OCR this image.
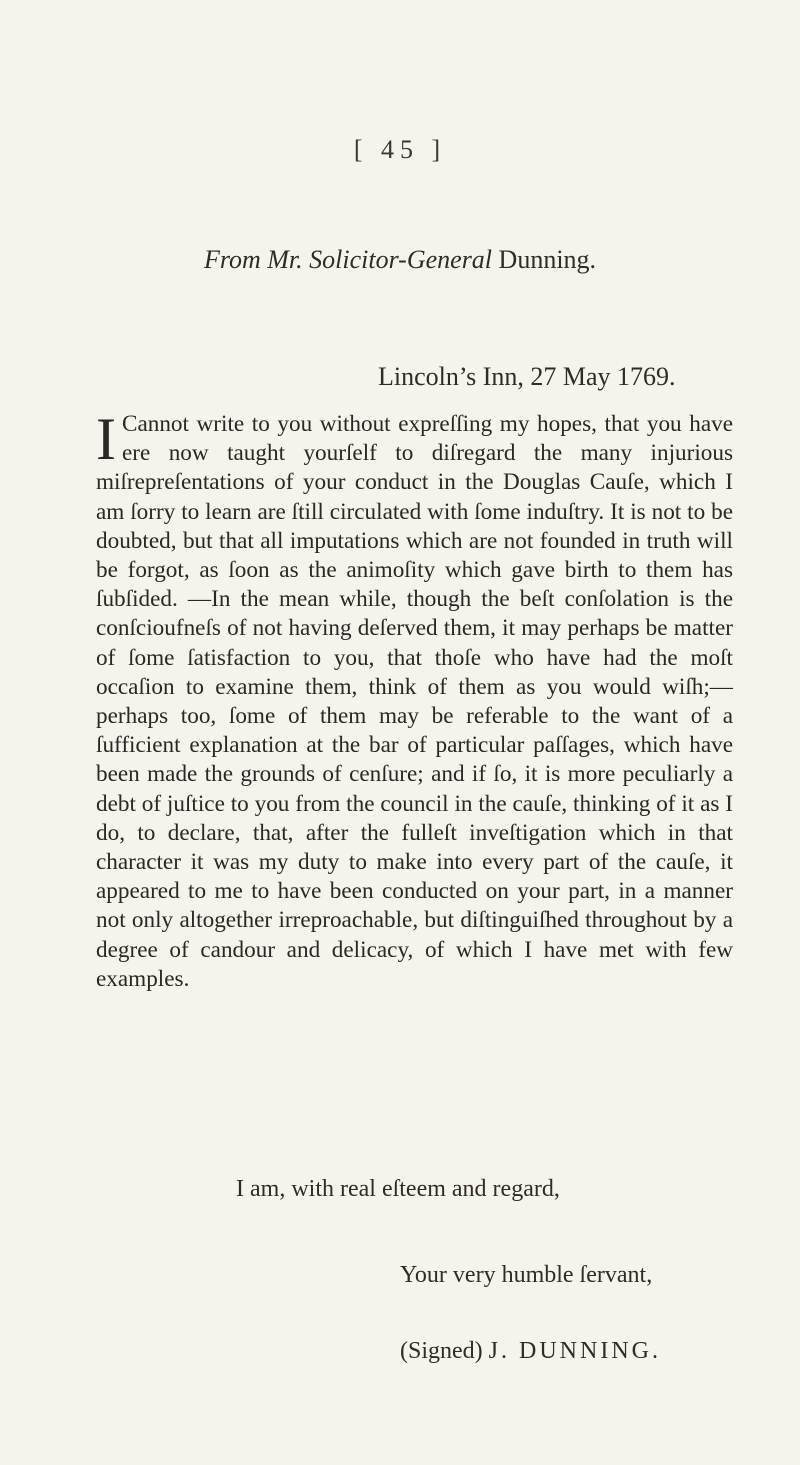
[ 45 ]
From Mr. Solicitor-General Dunning.
Lincoln’s Inn, 27 May 1769.

I Cannot write to you without expreſſing my hopes, that you have ere now taught yourſelf to diſregard the many injurious miſrepreſentations of your conduct in the Douglas Cauſe, which I am ſorry to learn are ſtill circulated with ſome induſtry. It is not to be doubted, but that all imputations which are not founded in truth will be forgot, as ſoon as the animoſity which gave birth to them has ſubſided. —In the mean while, though the beſt conſolation is the conſcioufneſs of not having deſerved them, it may perhaps be matter of ſome ſatisfaction to you, that thoſe who have had the moſt occaſion to examine them, think of them as you would wiſh;—perhaps too, ſome of them may be referable to the want of a ſufficient explanation at the bar of particular paſſages, which have been made the grounds of cenſure; and if ſo, it is more peculiarly a debt of juſtice to you from the council in the cauſe, thinking of it as I do, to declare, that, after the fulleſt inveſtigation which in that character it was my duty to make into every part of the cauſe, it appeared to me to have been conducted on your part, in a manner not only altogether irreproachable, but diſtinguiſhed throughout by a degree of candour and delicacy, of which I have met with few examples.

I am, with real eſteem and regard,
Your very humble ſervant,
(Signed) J. DUNNING.
